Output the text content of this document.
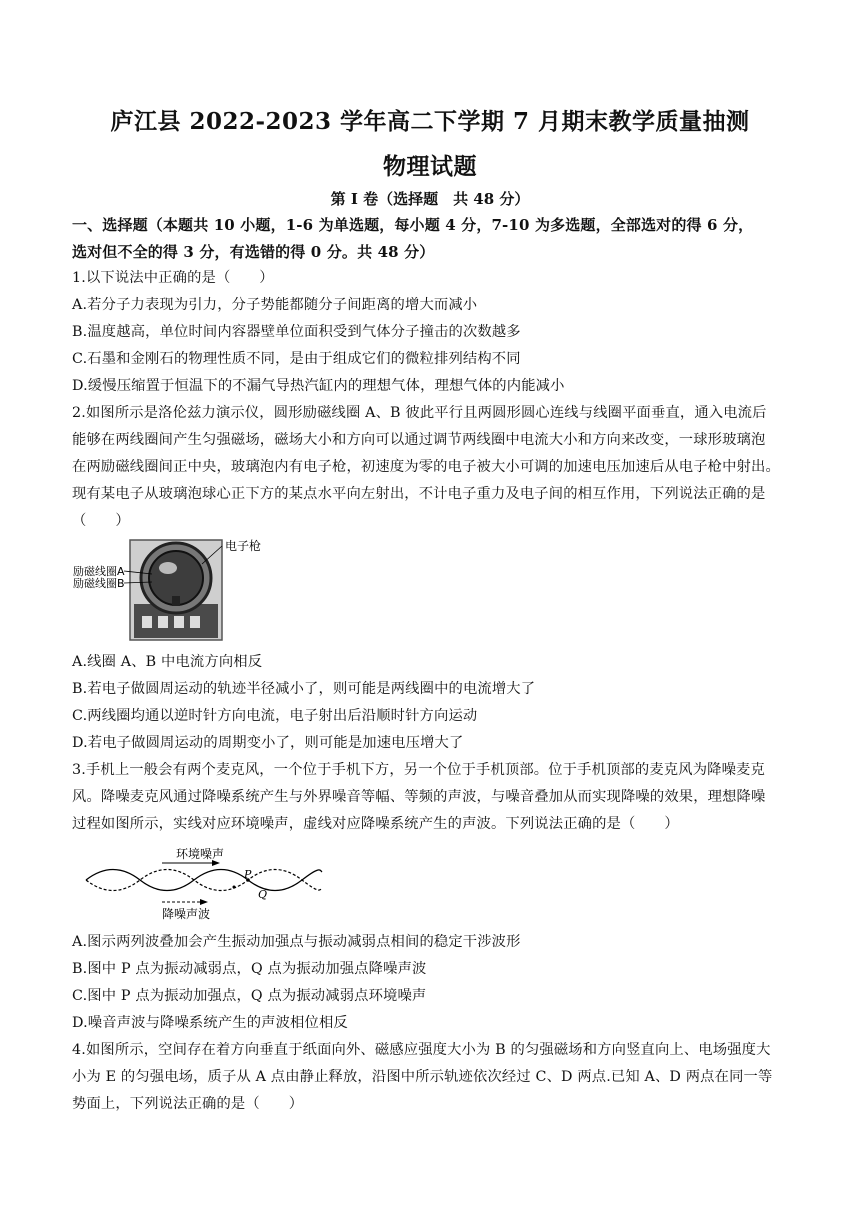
庐江县 2022-2023 学年高二下学期 7 月期末教学质量抽测
物理试题
第 I 卷（选择题　共 48 分）
一、选择题（本题共 10 小题，1-6 为单选题，每小题 4 分，7-10 为多选题，全部选对的得 6 分，
选对但不全的得 3 分，有选错的得 0 分。共 48 分）
1.以下说法中正确的是（　　）
A.若分子力表现为引力，分子势能都随分子间距离的增大而减小
B.温度越高，单位时间内容器壁单位面积受到气体分子撞击的次数越多
C.石墨和金刚石的物理性质不同，是由于组成它们的微粒排列结构不同
D.缓慢压缩置于恒温下的不漏气导热汽缸内的理想气体，理想气体的内能减小
2.如图所示是洛伦兹力演示仪，圆形励磁线圈 A、B 彼此平行且两圆形圆心连线与线圈平面垂直，通入电流后
能够在两线圈间产生匀强磁场，磁场大小和方向可以通过调节两线圈中电流大小和方向来改变，一球形玻璃泡
在两励磁线圈间正中央，玻璃泡内有电子枪，初速度为零的电子被大小可调的加速电压加速后从电子枪中射出。
现有某电子从玻璃泡球心正下方的某点水平向左射出，不计电子重力及电子间的相互作用，下列说法正确的是
（　　）
励磁线圈A
励磁线圈B
电子枪
A.线圈 A、B 中电流方向相反
B.若电子做圆周运动的轨迹半径减小了，则可能是两线圈中的电流增大了
C.两线圈均通以逆时针方向电流，电子射出后沿顺时针方向运动
D.若电子做圆周运动的周期变小了，则可能是加速电压增大了
3.手机上一般会有两个麦克风，一个位于手机下方，另一个位于手机顶部。位于手机顶部的麦克风为降噪麦克
风。降噪麦克风通过降噪系统产生与外界噪音等幅、等频的声波，与噪音叠加从而实现降噪的效果，理想降噪
过程如图所示，实线对应环境噪声，虚线对应降噪系统产生的声波。下列说法正确的是（　　）
环境噪声
P
Q
降噪声波
A.图示两列波叠加会产生振动加强点与振动减弱点相间的稳定干涉波形
B.图中 P 点为振动减弱点，Q 点为振动加强点降噪声波
C.图中 P 点为振动加强点，Q 点为振动减弱点环境噪声
D.噪音声波与降噪系统产生的声波相位相反
4.如图所示，空间存在着方向垂直于纸面向外、磁感应强度大小为 B 的匀强磁场和方向竖直向上、电场强度大
小为 E 的匀强电场，质子从 A 点由静止释放，沿图中所示轨迹依次经过 C、D 两点.已知 A、D 两点在同一等
势面上，下列说法正确的是（　　）
